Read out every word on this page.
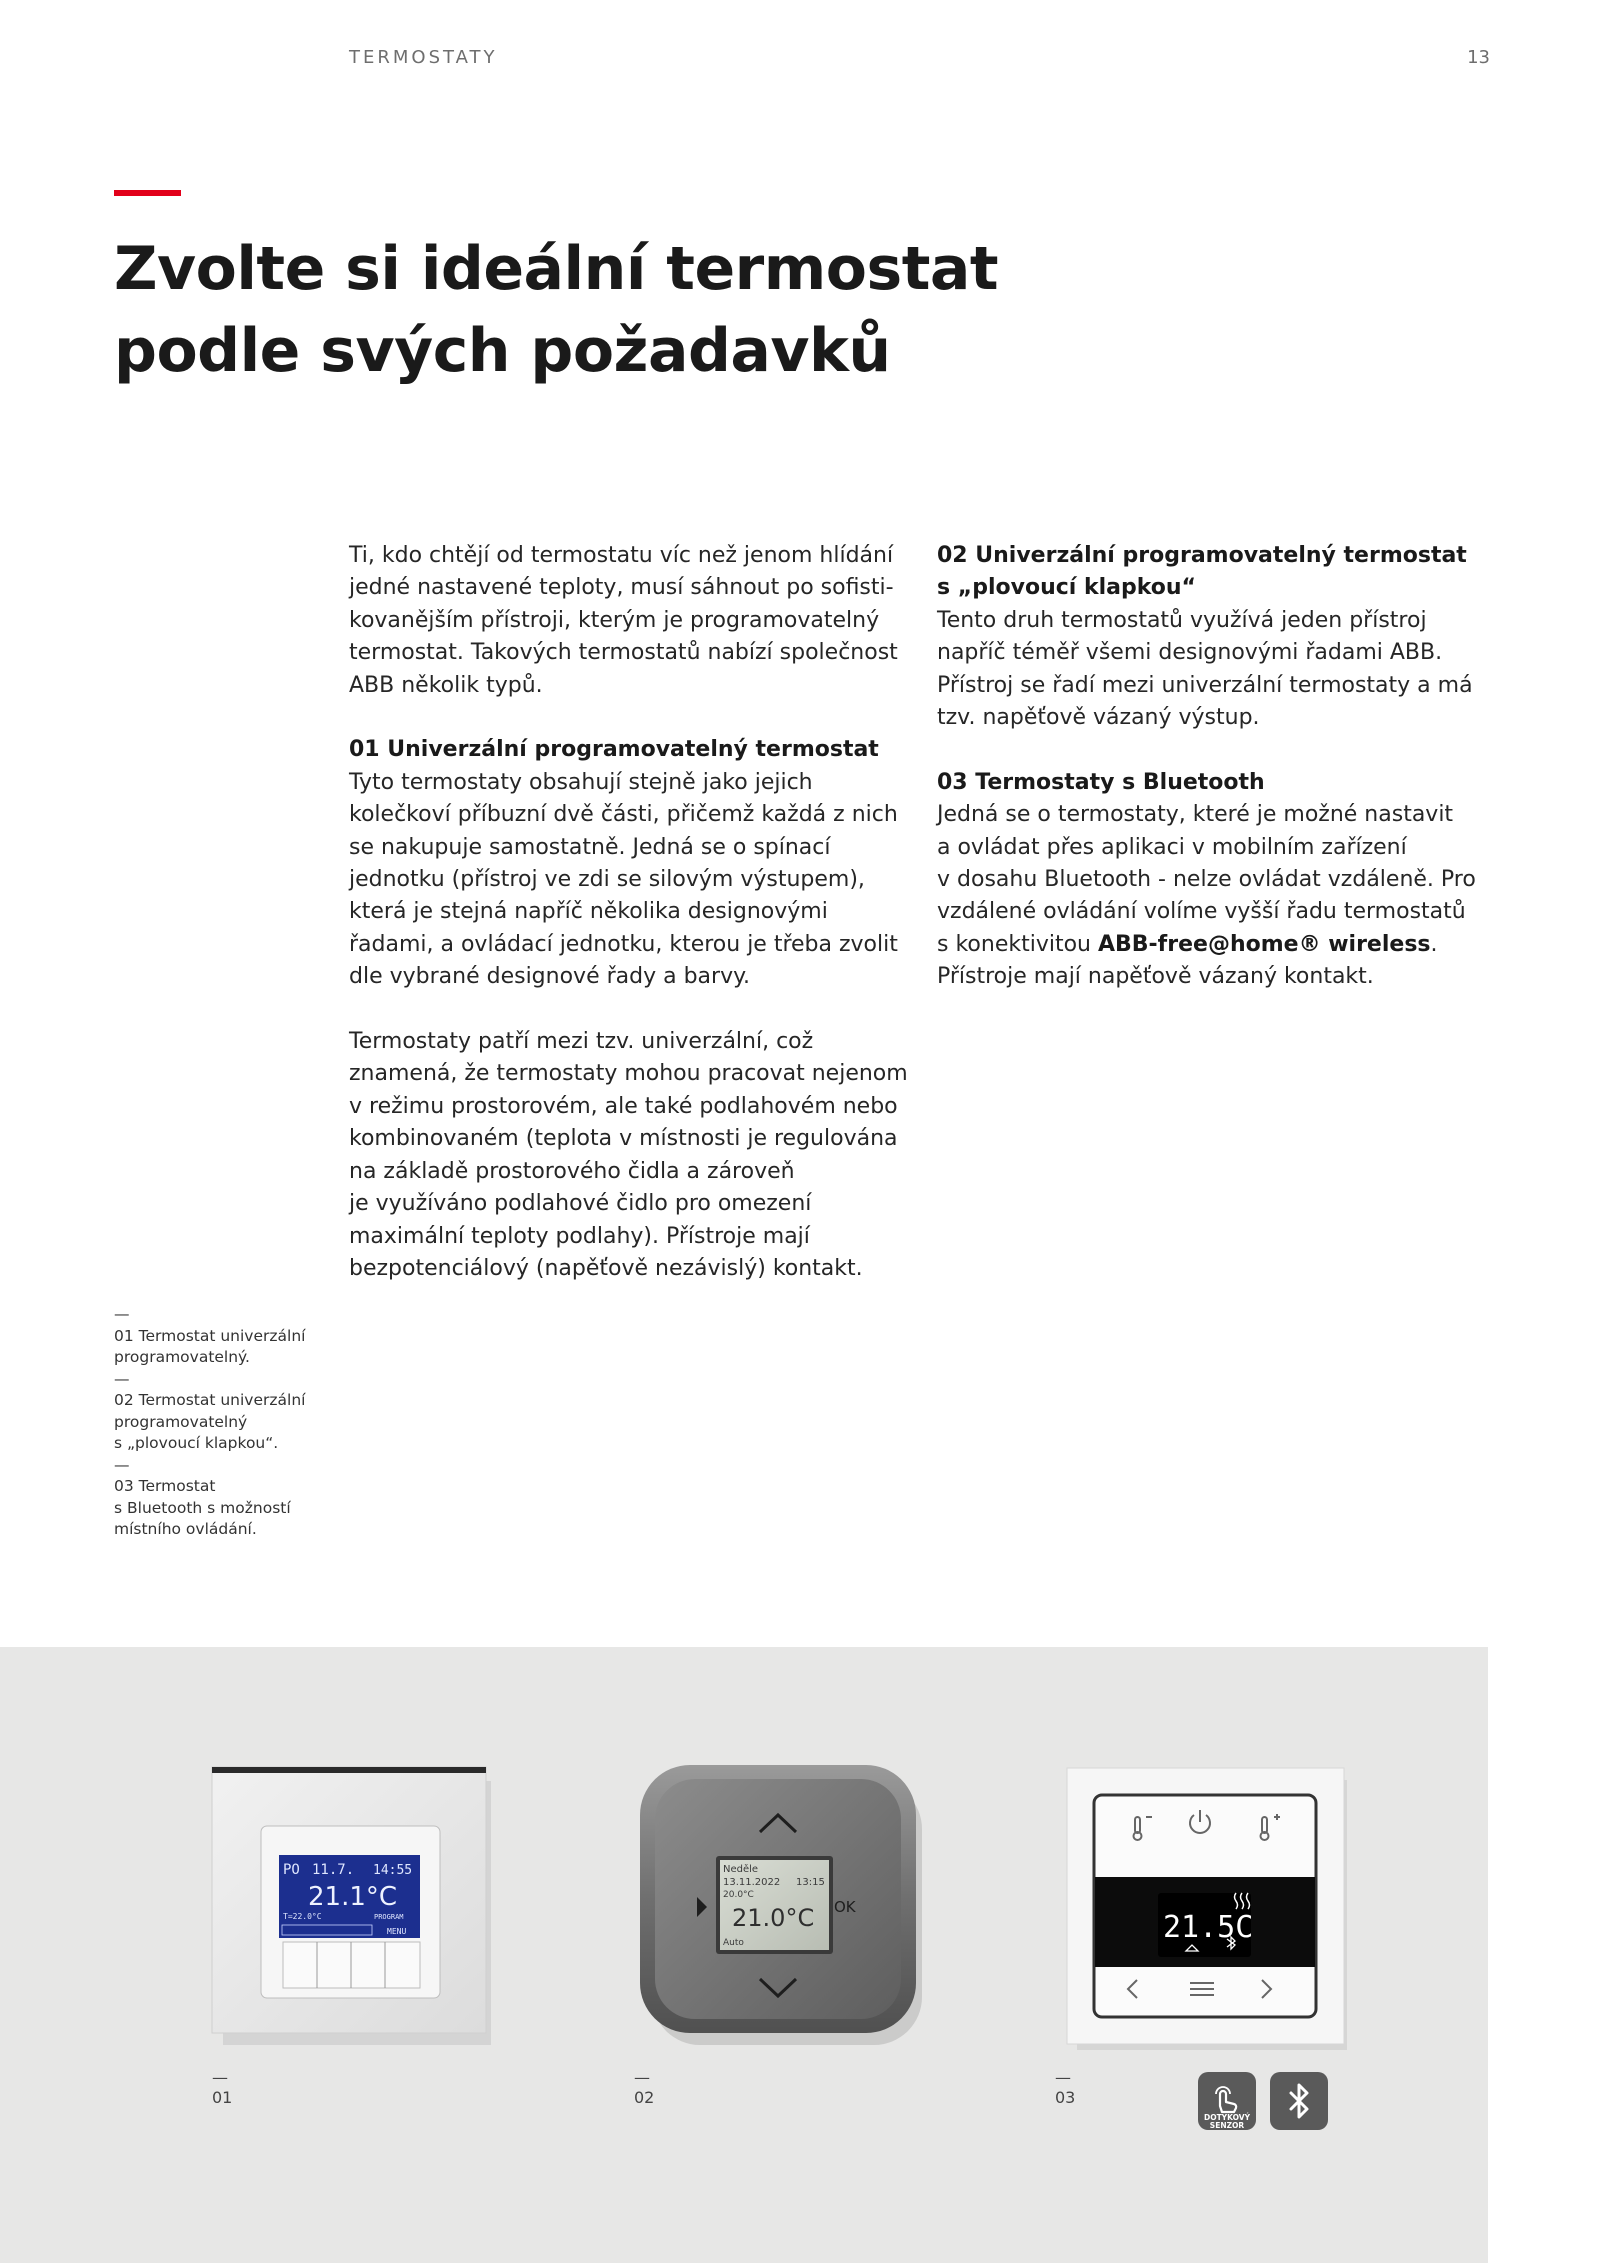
TERMOSTATY	13
Zvolte si ideální termostat
podle svých požadavků

Ti, kdo chtějí od termostatu víc než jenom hlídání
jedné nastavené teploty, musí sáhnout po sofisti-
kovanějším přístroji, kterým je programovatelný
termostat. Takových termostatů nabízí společnost
ABB několik typů.

01 Univerzální programovatelný termostat
Tyto termostaty obsahují stejně jako jejich
kolečkoví příbuzní dvě části, přičemž každá z nich
se nakupuje samostatně. Jedná se o spínací
jednotku (přístroj ve zdi se silovým výstupem),
která je stejná napříč několika designovými
řadami, a ovládací jednotku, kterou je třeba zvolit
dle vybrané designové řady a barvy.

Termostaty patří mezi tzv. univerzální, což
znamená, že termostaty mohou pracovat nejenom
v režimu prostorovém, ale také podlahovém nebo
kombinovaném (teplota v místnosti je regulována
na základě prostorového čidla a zároveň
je využíváno podlahové čidlo pro omezení
maximální teploty podlahy). Přístroje mají
bezpotenciálový (napěťově nezávislý) kontakt.

02 Univerzální programovatelný termostat
s „plovoucí klapkou“
Tento druh termostatů využívá jeden přístroj
napříč téměř všemi designovými řadami ABB.
Přístroj se řadí mezi univerzální termostaty a má
tzv. napěťově vázaný výstup.

03 Termostaty s Bluetooth
Jedná se o termostaty, které je možné nastavit
a ovládat přes aplikaci v mobilním zařízení
v dosahu Bluetooth - nelze ovládat vzdáleně. Pro
vzdálené ovládání volíme vyšší řadu termostatů
s konektivitou ABB-free@home® wireless.
Přístroje mají napěťově vázaný kontakt.

—
01 Termostat univerzální
programovatelný.
—
02 Termostat univerzální
programovatelný
s „plovoucí klapkou“.
—
03 Termostat
s Bluetooth s možností
místního ovládání.
PO 11.7. 14:55
21.1°C
T=22.0°C	PROGRAM
MENU
Neděle
13.11.2022 13:15
20.0°C
21.0°C
Auto
OK
21.5C
—
01
—
02
—
03
DOTYKOVÝ
SENZOR
